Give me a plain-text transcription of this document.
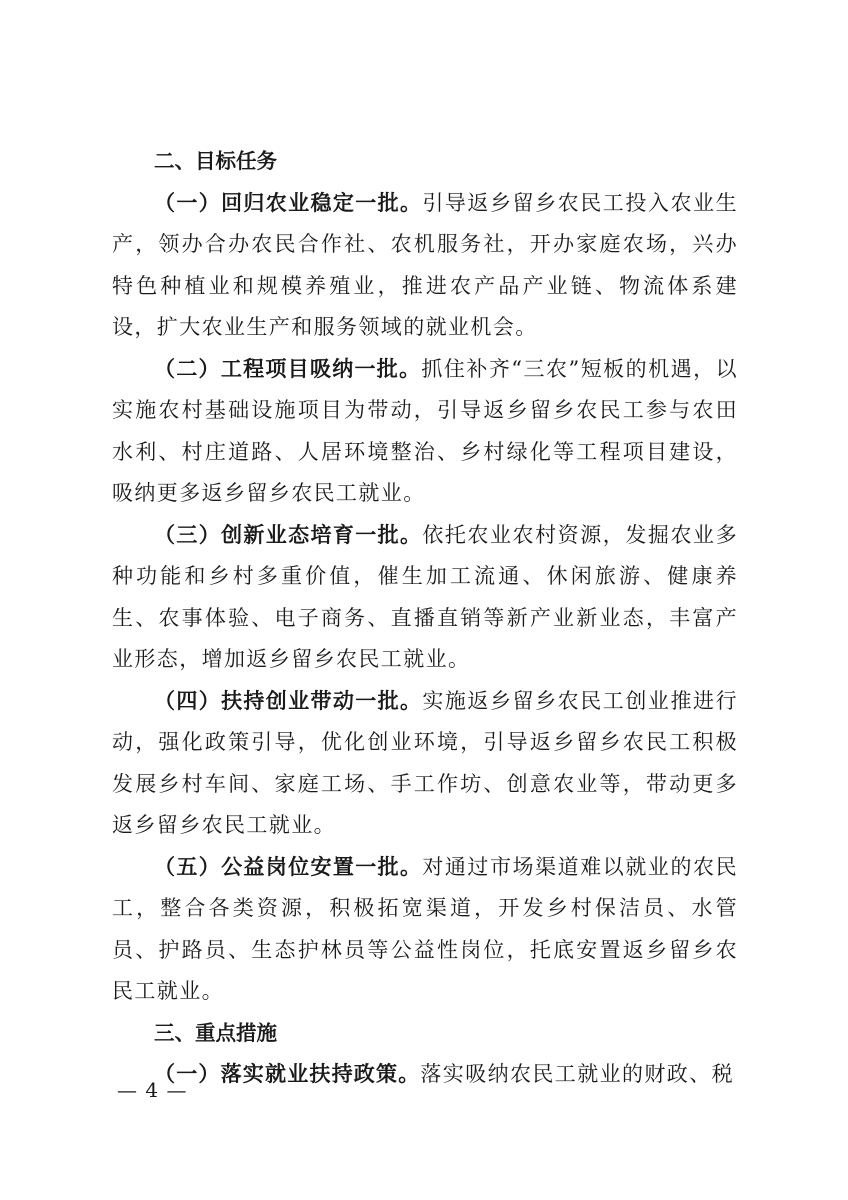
二、目标任务

（一）回归农业稳定一批。引导返乡留乡农民工投入农业生产，领办合办农民合作社、农机服务社，开办家庭农场，兴办特色种植业和规模养殖业，推进农产品产业链、物流体系建设，扩大农业生产和服务领域的就业机会。

（二）工程项目吸纳一批。抓住补齐“三农”短板的机遇，以实施农村基础设施项目为带动，引导返乡留乡农民工参与农田水利、村庄道路、人居环境整治、乡村绿化等工程项目建设，吸纳更多返乡留乡农民工就业。

（三）创新业态培育一批。依托农业农村资源，发掘农业多种功能和乡村多重价值，催生加工流通、休闲旅游、健康养生、农事体验、电子商务、直播直销等新产业新业态，丰富产业形态，增加返乡留乡农民工就业。

（四）扶持创业带动一批。实施返乡留乡农民工创业推进行动，强化政策引导，优化创业环境，引导返乡留乡农民工积极发展乡村车间、家庭工场、手工作坊、创意农业等，带动更多返乡留乡农民工就业。

（五）公益岗位安置一批。对通过市场渠道难以就业的农民工，整合各类资源，积极拓宽渠道，开发乡村保洁员、水管员、护路员、生态护林员等公益性岗位，托底安置返乡留乡农民工就业。

三、重点措施

（一）落实就业扶持政策。落实吸纳农民工就业的财政、税

— 4 —
